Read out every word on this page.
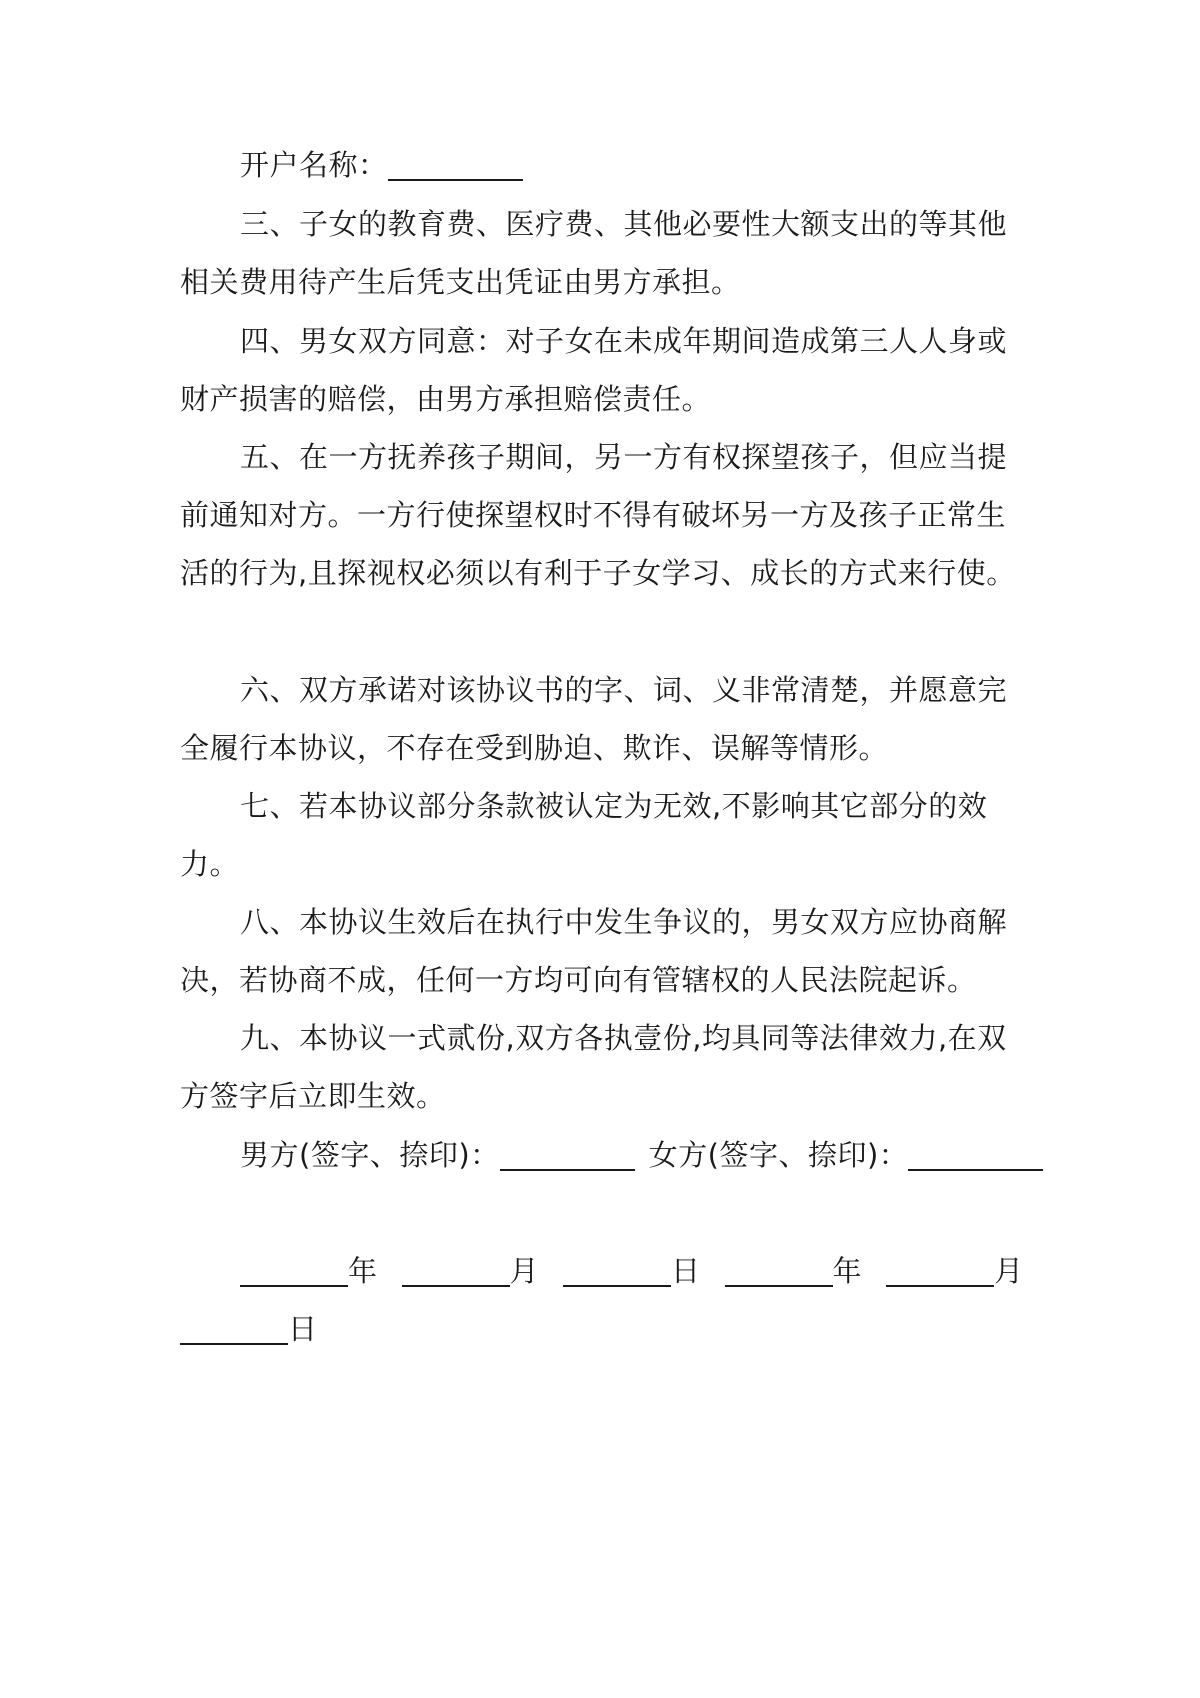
开户名称：
三、子女的教育费、医疗费、其他必要性大额支出的等其他
相关费用待产生后凭支出凭证由男方承担。
四、男女双方同意：对子女在未成年期间造成第三人人身或
财产损害的赔偿，由男方承担赔偿责任。
五、在一方抚养孩子期间，另一方有权探望孩子，但应当提
前通知对方。一方行使探望权时不得有破坏另一方及孩子正常生
活的行为,且探视权必须以有利于子女学习、成长的方式来行使。
六、双方承诺对该协议书的字、词、义非常清楚，并愿意完
全履行本协议，不存在受到胁迫、欺诈、误解等情形。
七、若本协议部分条款被认定为无效,不影响其它部分的效
力。
八、本协议生效后在执行中发生争议的，男女双方应协商解
决，若协商不成，任何一方均可向有管辖权的人民法院起诉。
九、本协议一式贰份,双方各执壹份,均具同等法律效力,在双
方签字后立即生效。
男方(签字、捺印)：	女方(签字、捺印)：
年	月	日	年	月
日
